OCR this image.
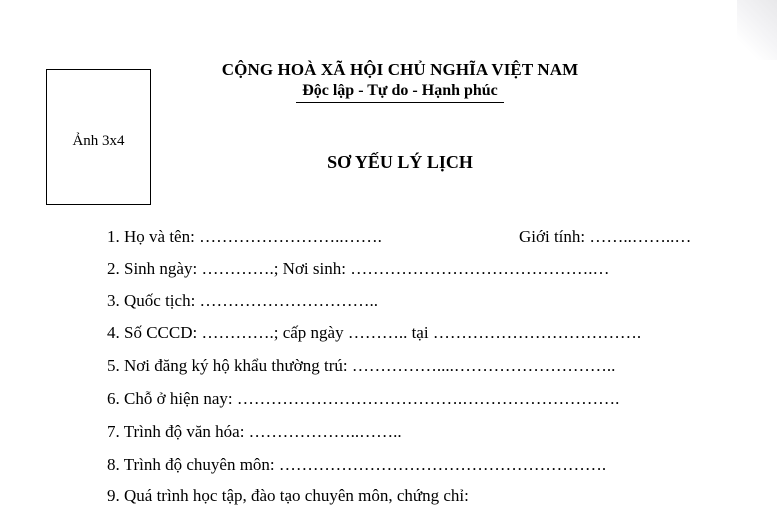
Ảnh 3x4
CỘNG HOÀ XÃ HỘI CHỦ NGHĨA VIỆT NAM
Độc lập - Tự do - Hạnh phúc
SƠ YẾU LÝ LỊCH
1. Họ và tên: ……………………..…….	Giới tính: ……..……..…
2. Sinh ngày: ………….; Nơi sinh: …………………………………….…
3. Quốc tịch: …………………………..
4. Số CCCD: ………….; cấp ngày ……….. tại ……………………………….
5. Nơi đăng ký hộ khẩu thường trú: ……………....………………………..
6. Chỗ ở hiện nay: ………………………………….……………………….
7. Trình độ văn hóa: ………………..……..
8. Trình độ chuyên môn: ………………………………………………….
9. Quá trình học tập, đào tạo chuyên môn, chứng chỉ:
